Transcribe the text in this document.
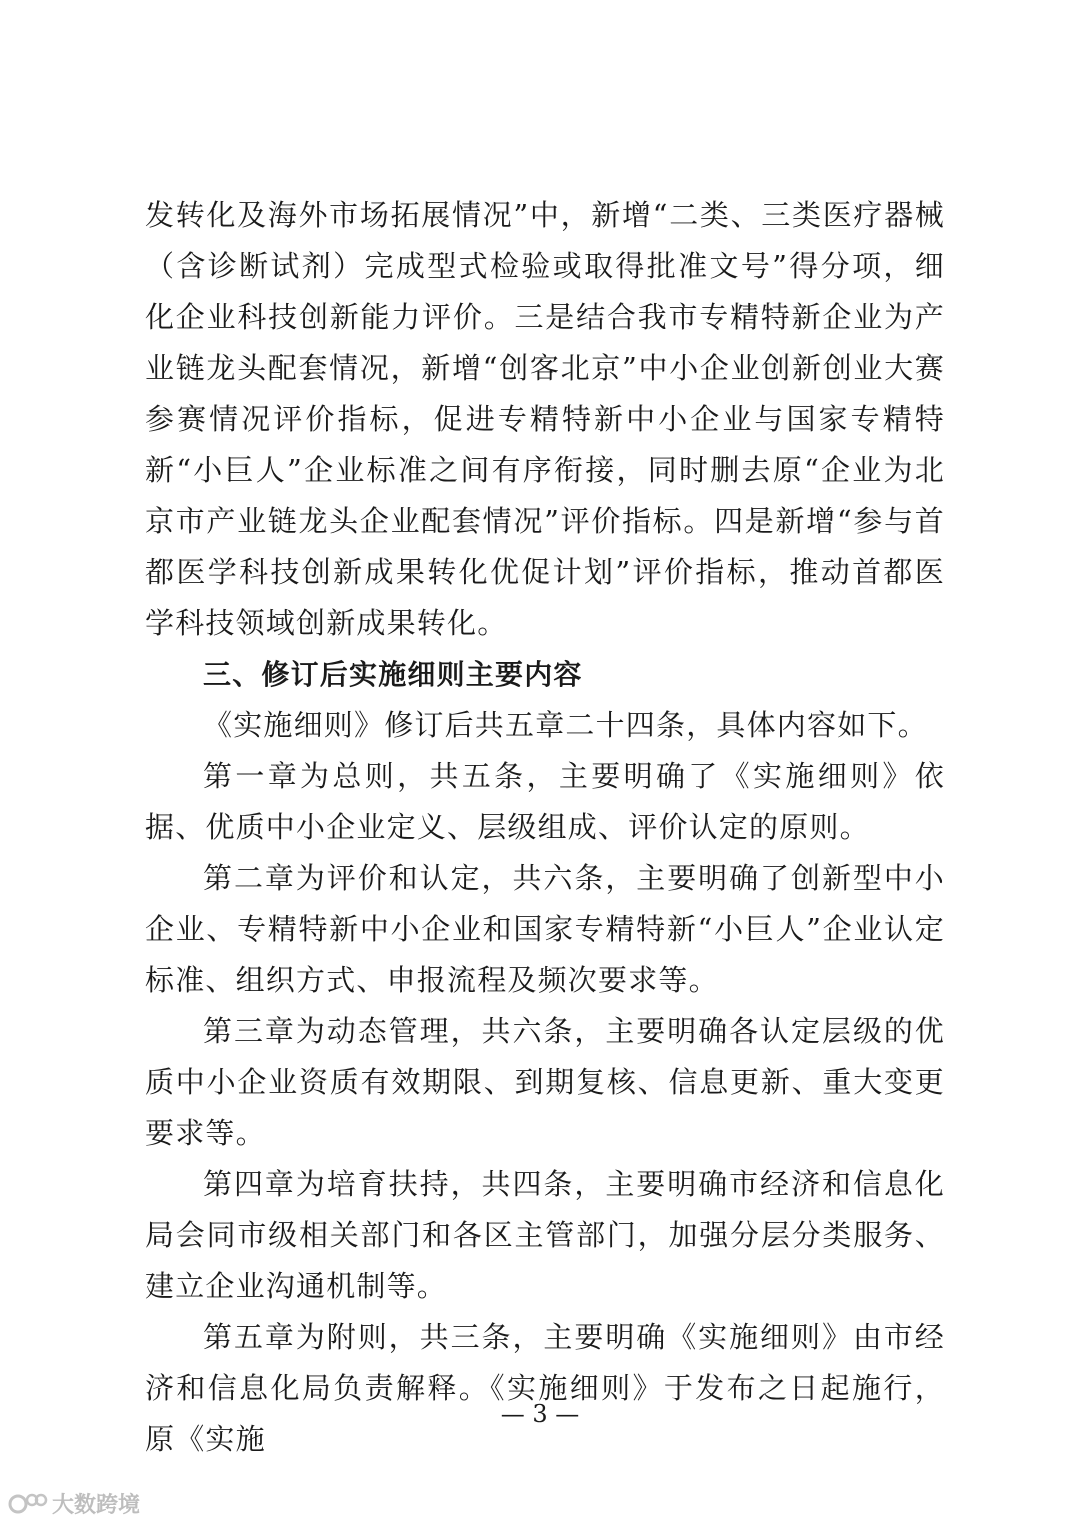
发转化及海外市场拓展情况”中，新增“二类、三类医疗器械（含诊断试剂）完成型式检验或取得批准文号”得分项，细化企业科技创新能力评价。三是结合我市专精特新企业为产业链龙头配套情况，新增“创客北京”中小企业创新创业大赛参赛情况评价指标，促进专精特新中小企业与国家专精特新“小巨人”企业标准之间有序衔接，同时删去原“企业为北京市产业链龙头企业配套情况”评价指标。四是新增“参与首都医学科技创新成果转化优促计划”评价指标，推动首都医学科技领域创新成果转化。

三、修订后实施细则主要内容

《实施细则》修订后共五章二十四条，具体内容如下。

第一章为总则，共五条，主要明确了《实施细则》依据、优质中小企业定义、层级组成、评价认定的原则。

第二章为评价和认定，共六条，主要明确了创新型中小企业、专精特新中小企业和国家专精特新“小巨人”企业认定标准、组织方式、申报流程及频次要求等。

第三章为动态管理，共六条，主要明确各认定层级的优质中小企业资质有效期限、到期复核、信息更新、重大变更要求等。

第四章为培育扶持，共四条，主要明确市经济和信息化局会同市级相关部门和各区主管部门，加强分层分类服务、建立企业沟通机制等。

第五章为附则，共三条，主要明确《实施细则》由市经济和信息化局负责解释。《实施细则》于发布之日起施行，原《实施

— 3 —
大数跨境
